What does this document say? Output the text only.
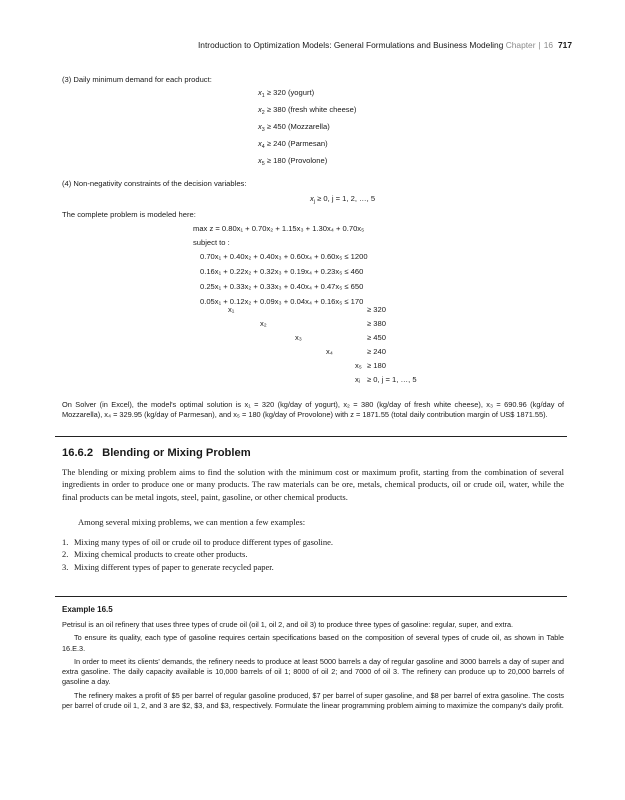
Introduction to Optimization Models: General Formulations and Business Modeling Chapter | 16 717
(3) Daily minimum demand for each product:
$x_1 \ge 320$ (yogurt)
$x_2 \ge 380$ (fresh white cheese)
$x_3 \ge 450$ (Mozzarella)
$x_4 \ge 240$ (Parmesan)
$x_5 \ge 180$ (Provolone)
(4) Non-negativity constraints of the decision variables:
$x_j \ge 0$, j = 1, 2, …, 5
The complete problem is modeled here:
max z = 0.80x₁ + 0.70x₂ + 1.15x₃ + 1.30x₄ + 0.70x₅
subject to :
0.70x₁ + 0.40x₂ + 0.40x₃ + 0.60x₄ + 0.60x₅ ≤ 1200
0.16x₁ + 0.22x₂ + 0.32x₃ + 0.19x₄ + 0.23x₅ ≤ 460
0.25x₁ + 0.33x₂ + 0.33x₃ + 0.40x₄ + 0.47x₅ ≤ 650
0.05x₁ + 0.12x₂ + 0.09x₃ + 0.04x₄ + 0.16x₅ ≤ 170
x₁	≥ 320
x₂	≥ 380
x₃	≥ 450
x₄	≥ 240
x₅ ≥ 180
xⱼ ≥ 0, j = 1, …, 5
On Solver (in Excel), the model's optimal solution is x₁ = 320 (kg/day of yogurt), x₂ = 380 (kg/day of fresh white cheese), x₃ = 690.96 (kg/day of Mozzarella), x₄ = 329.95 (kg/day of Parmesan), and x₅ = 180 (kg/day of Provolone) with z = 1871.55 (total daily contribution margin of US$ 1871.55).
16.6.2 Blending or Mixing Problem
The blending or mixing problem aims to find the solution with the minimum cost or maximum profit, starting from the combination of several ingredients in order to produce one or many products. The raw materials can be ore, metals, chemical products, oil or crude oil, water, while the final products can be metal ingots, steel, paint, gasoline, or other chemical products.
Among several mixing problems, we can mention a few examples:
1. Mixing many types of oil or crude oil to produce different types of gasoline.
2. Mixing chemical products to create other products.
3. Mixing different types of paper to generate recycled paper.
Example 16.5
Petrisul is an oil refinery that uses three types of crude oil (oil 1, oil 2, and oil 3) to produce three types of gasoline: regular, super, and extra.
To ensure its quality, each type of gasoline requires certain specifications based on the composition of several types of crude oil, as shown in Table 16.E.3.
In order to meet its clients' demands, the refinery needs to produce at least 5000 barrels a day of regular gasoline and 3000 barrels a day of super and extra gasoline. The daily capacity available is 10,000 barrels of oil 1; 8000 of oil 2; and 7000 of oil 3. The refinery can produce up to 20,000 barrels of gasoline a day.
The refinery makes a profit of $5 per barrel of regular gasoline produced, $7 per barrel of super gasoline, and $8 per barrel of extra gasoline. The costs per barrel of crude oil 1, 2, and 3 are $2, $3, and $3, respectively. Formulate the linear programming problem aiming to maximize the company's daily profit.
